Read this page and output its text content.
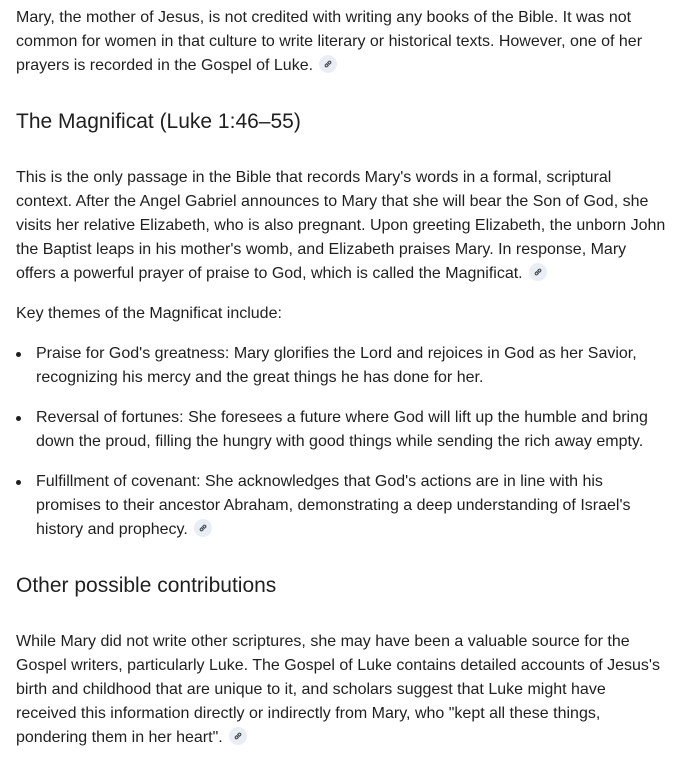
Mary, the mother of Jesus, is not credited with writing any books of the Bible. It was not common for women in that culture to write literary or historical texts. However, one of her prayers is recorded in the Gospel of Luke.

The Magnificat (Luke 1:46–55)

This is the only passage in the Bible that records Mary's words in a formal, scriptural context. After the Angel Gabriel announces to Mary that she will bear the Son of God, she visits her relative Elizabeth, who is also pregnant. Upon greeting Elizabeth, the unborn John the Baptist leaps in his mother's womb, and Elizabeth praises Mary. In response, Mary offers a powerful prayer of praise to God, which is called the Magnificat.

Key themes of the Magnificat include:

Praise for God's greatness: Mary glorifies the Lord and rejoices in God as her Savior, recognizing his mercy and the great things he has done for her.
Reversal of fortunes: She foresees a future where God will lift up the humble and bring down the proud, filling the hungry with good things while sending the rich away empty.
Fulfillment of covenant: She acknowledges that God's actions are in line with his promises to their ancestor Abraham, demonstrating a deep understanding of Israel's history and prophecy.
Other possible contributions

While Mary did not write other scriptures, she may have been a valuable source for the Gospel writers, particularly Luke. The Gospel of Luke contains detailed accounts of Jesus's birth and childhood that are unique to it, and scholars suggest that Luke might have received this information directly or indirectly from Mary, who "kept all these things, pondering them in her heart".
